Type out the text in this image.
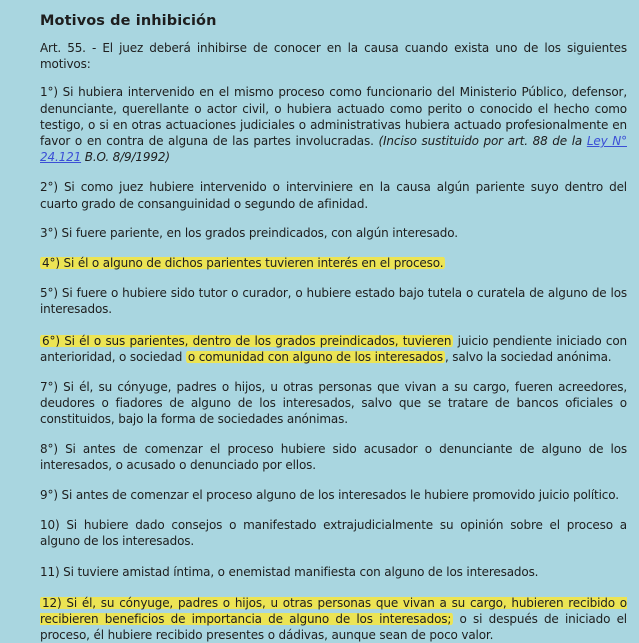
Motivos de inhibición

Art. 55. - El juez deberá inhibirse de conocer en la causa cuando exista uno de los siguientes motivos:

1°) Si hubiera intervenido en el mismo proceso como funcionario del Ministerio Público, defensor, denunciante, querellante o actor civil, o hubiera actuado como perito o conocido el hecho como testigo, o si en otras actuaciones judiciales o administrativas hubiera actuado profesionalmente en favor o en contra de alguna de las partes involucradas. (Inciso sustituido por art. 88 de la Ley N° 24.121 B.O. 8/9/1992)

2°) Si como juez hubiere intervenido o interviniere en la causa algún pariente suyo dentro del cuarto grado de consanguinidad o segundo de afinidad.

3°) Si fuere pariente, en los grados preindicados, con algún interesado.

4°) Si él o alguno de dichos parientes tuvieren interés en el proceso.

5°) Si fuere o hubiere sido tutor o curador, o hubiere estado bajo tutela o curatela de alguno de los interesados.

6°) Si él o sus parientes, dentro de los grados preindicados, tuvieren juicio pendiente iniciado con anterioridad, o sociedad o comunidad con alguno de los interesados , salvo la sociedad anónima.

7°) Si él, su cónyuge, padres o hijos, u otras personas que vivan a su cargo, fueren acreedores, deudores o fiadores de alguno de los interesados, salvo que se tratare de bancos oficiales o constituidos, bajo la forma de sociedades anónimas.

8°) Si antes de comenzar el proceso hubiere sido acusador o denunciante de alguno de los interesados, o acusado o denunciado por ellos.

9°) Si antes de comenzar el proceso alguno de los interesados le hubiere promovido juicio político.

10) Si hubiere dado consejos o manifestado extrajudicialmente su opinión sobre el proceso a alguno de los interesados.

11) Si tuviere amistad íntima, o enemistad manifiesta con alguno de los interesados.

12) Si él, su cónyuge, padres o hijos, u otras personas que vivan a su cargo, hubieren recibido o recibieren beneficios de importancia de alguno de los interesados; o si después de iniciado el proceso, él hubiere recibido presentes o dádivas, aunque sean de poco valor.
